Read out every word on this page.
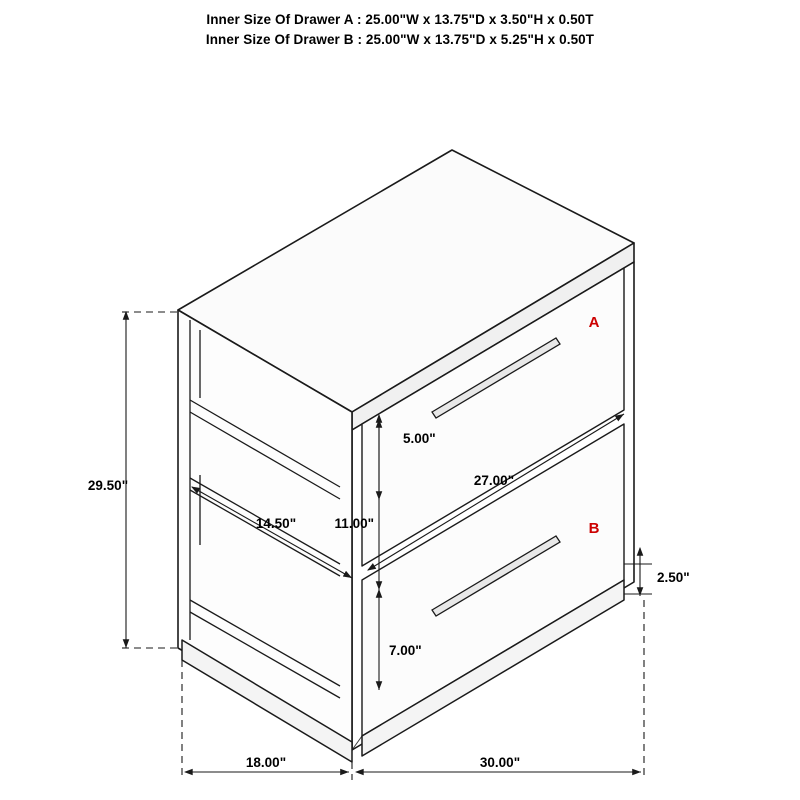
Inner Size Of Drawer A : 25.00"W x 13.75"D x 3.50"H x 0.50T
Inner Size Of Drawer B : 25.00"W x 13.75"D x 5.25"H x 0.50T
29.50"
14.50"
5.00"
11.00"
27.00"
7.00"
2.50"
18.00"	30.00"
A
B
